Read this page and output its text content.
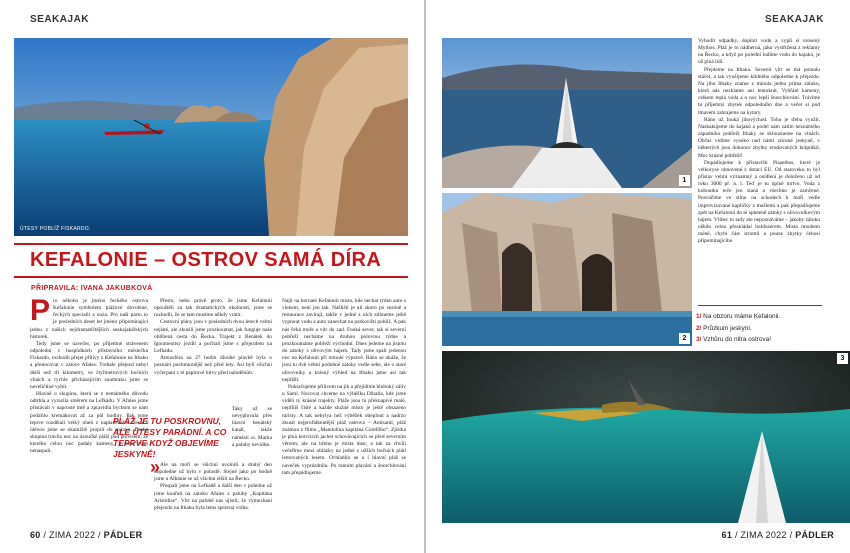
SEAKAJAK
ÚTESY POBLÍŽ FISKARDO.
KEFALONIE – OSTROV SAMÁ DÍRA
PŘIPRAVILA: IVANA JAKUBKOVÁ

Pro někoho je jméno řeckého ostrova Kefalonie symbolem plážové dovolené, řeckých specialit a ouza. Pro naši partu to je posledních deset let jméno připomínající jednu z našich nejdramatičtějších seakajakářských historek.

Tedy jsme se navečer, po příjemné strávenem odpoledni v hospůdkách přístavního městečka Fiskardo, rozhodli přejet přílivy z Kefalonie na Ithaku a přenocovat v zátoce Afales. Trebale přejezd nebyl delší než tři kilometry, ve čtyřmetrových bočních vlnách a rychle přicházejícím soumraku jsme se neveličtiné vybít.

Hlavně o skupinu, která se z nemámého důvodu odtrhla a vyrazila směrem na Lefkádu. V Afales jsme přistávali v naprosté tmě a zpravidla bychom se nám podařilo kremákovat až za půl hodiny. Pak jsme teprve rozdělali velký oheň z naplaveného dřeva a útěvou jsme se okamžitě propili do spánku. Druhá skupina trávila noc na úzoučké pláži pod převisem, ze kterého celou noc padaly kameny, a moc toho nenaspali.

Přesto, nebo právě proto, že jsme Kefalonii opouštěli za tak dramatických okolností, jsme se rozhodli, že se tam musíme někdy vrátit.

Cestovní plány jsou v posledních dvou letech velmi nejisté, ale zkusili jsme prozkoumat, jak funguje naše oblíbená cesta do Řecka. Trajekt z Benátek do Igoumenitsy jezdil a počítali jsme s přejezdem na Lefkádu.

Atmosféra na 27 hodin dlouhé plavbě byla o poznání pochmurnější než před lety. Asi bylí všichni vyčerpaní z té papírové bitvy před naloděním.

Taky už se nevyplovala přes hlavní benátský kanál, takže náměstí sv. Marka a paluby nevidíte.

Ale na moři se všichni uvolnili a druhý den dopoledne už bylo v pohodě. Stejně jako po hodně jsme u Albánie se už všichni těšili na Řecko.

Přespali jsme na Lefkádě a další den v poledne už jsme kouřali na zátoku Afales z paluby „Kapitána Aristidise“. Vítr na palubě nás ujistil, že vymezhaní přejezdu na Ithaku byla letos správná volba.

PLÁŽ JE TU POSKROVNU, ALE ÚTESY PARÁDNÍ. A CO TEPRVE KDYŽ OBJEVÍME JESKYNĚ!
»

Najít na hornaté Kefalonii místo, kde nechat týden auto s vlekem, není jen tak. Našlišti je ali skoro po sezóně a restaurace zavírají, takže v jedné z nich stihneme ještě vypnout vodu a auto zanechat na parkovišti poblíž. A pak nás čeká moře a vítr do zad. Fouká sever, tak si severní pobřeží necháme na druhou polovinu týdne a prozkoumáme pobřeží východní. Dnes jedeme na jistotu do zátoky s olivovým hájem. Tady jsme spali jedenou noc na Kefalonii při minulé výpravě. Ráno se ukáže, že jsou tu dvě velmi podobné zátoky vedle sebe, ale o staré olivovníky a krásný výhled na Ithaku jsme asi tak nepřišli.

Pokračujeme přilivem na jih a přejídíme hluboký záliv u Sami. Nocovat chceme na výběžku Dihalia, kde jsme viděli ty krásné trajekty. Pláže jsou tu překnapivé malé, nepříliš čisté a každé služné místo je ještě obsazeno turisty. A tak nebylya než výběžek obeplout a nadrzo zkusit nejprofláknutější pláž ostrova – Antisamí, pláž známou z filmu „Mandolína kapitána Corelliho“. Zjistka je plná kotvících jachet schovávajících se před severním větrem, ale na břehu je místa dost, a tak za chvíli večeříme mezi oblázky na jedné z užších bočních plátí lemovaných lesem. Ochladilo se a i hlavní pláž se naveček vyprázdnila. Po ranním plavání a šnorchlování tam přepádlujeme.

60 / ZIMA 2022 / PÁDLER
SEAKAJAK
1
2
3

Vyhodit odpadky, doplnit vodu a vyplí si orosený Mythos. Pláž je to nádherná, jako vystřižená z reklamy na Řecko, a když po poledni balíme vodu do kajakú, je už plná lidí.

Přejdeme na Ithaku. Severní vítr se má pomalu stáčet, a tak využijeme klidného odpoledne k přejezdu. Na jihu Ithaky známe z minula jednu prima zátoku, která nás nezklame ani tentokrát. Vyhřáté kameny, celkem teplá voda a o noc lepší šnorchlování. Trávíme tu příjemný zbytek odpoledního dne a večer si pod tmavem zahrajeme na kytary.

Ráno už fouká jihovýchod. Toho je třeba využít. Naskakujeme do kajakú a podél nám zatím neznámého západního pobřeží Ithaky se sklouzneme na vlnách. Občas vidíme vysoko nad námi ztícené jeskyně, v některých jsou dokonce zbytky erodovaných krápníků. Moc krásné pobřeží!

Dopádlujeme k přístavišti Pisaethos, které je velkoryse obnovené z dotací EU. Od staroveku to byl přístav velmi významný a osídlení je doloženo už od roku 3000 př. n. l. Teď je tu úplně mrtvo. Voda z kohoutku teče jen slaná a všechno je zamčené. Posvačíme ve stínu na schodech k moři vedle improvizované kapličky z mušlemi a pak přepádlujeme zpět na Kefalonii do té spleteně zátoky s olivovníkovým hájem. Vlibec to tady ale nepoznáváme – jakoby zátoku někdo celou přeskládal buldozerem. Místa mnohem méně, chybí část stromů a pouze zbytky čehosi připomínajícího

61 / ZIMA 2022 / PÁDLER
1/ Na obzoru máme Kefalonii.
2/ Průzkum jeskyní.
3/ Vzhůru do nitra ostrova!
